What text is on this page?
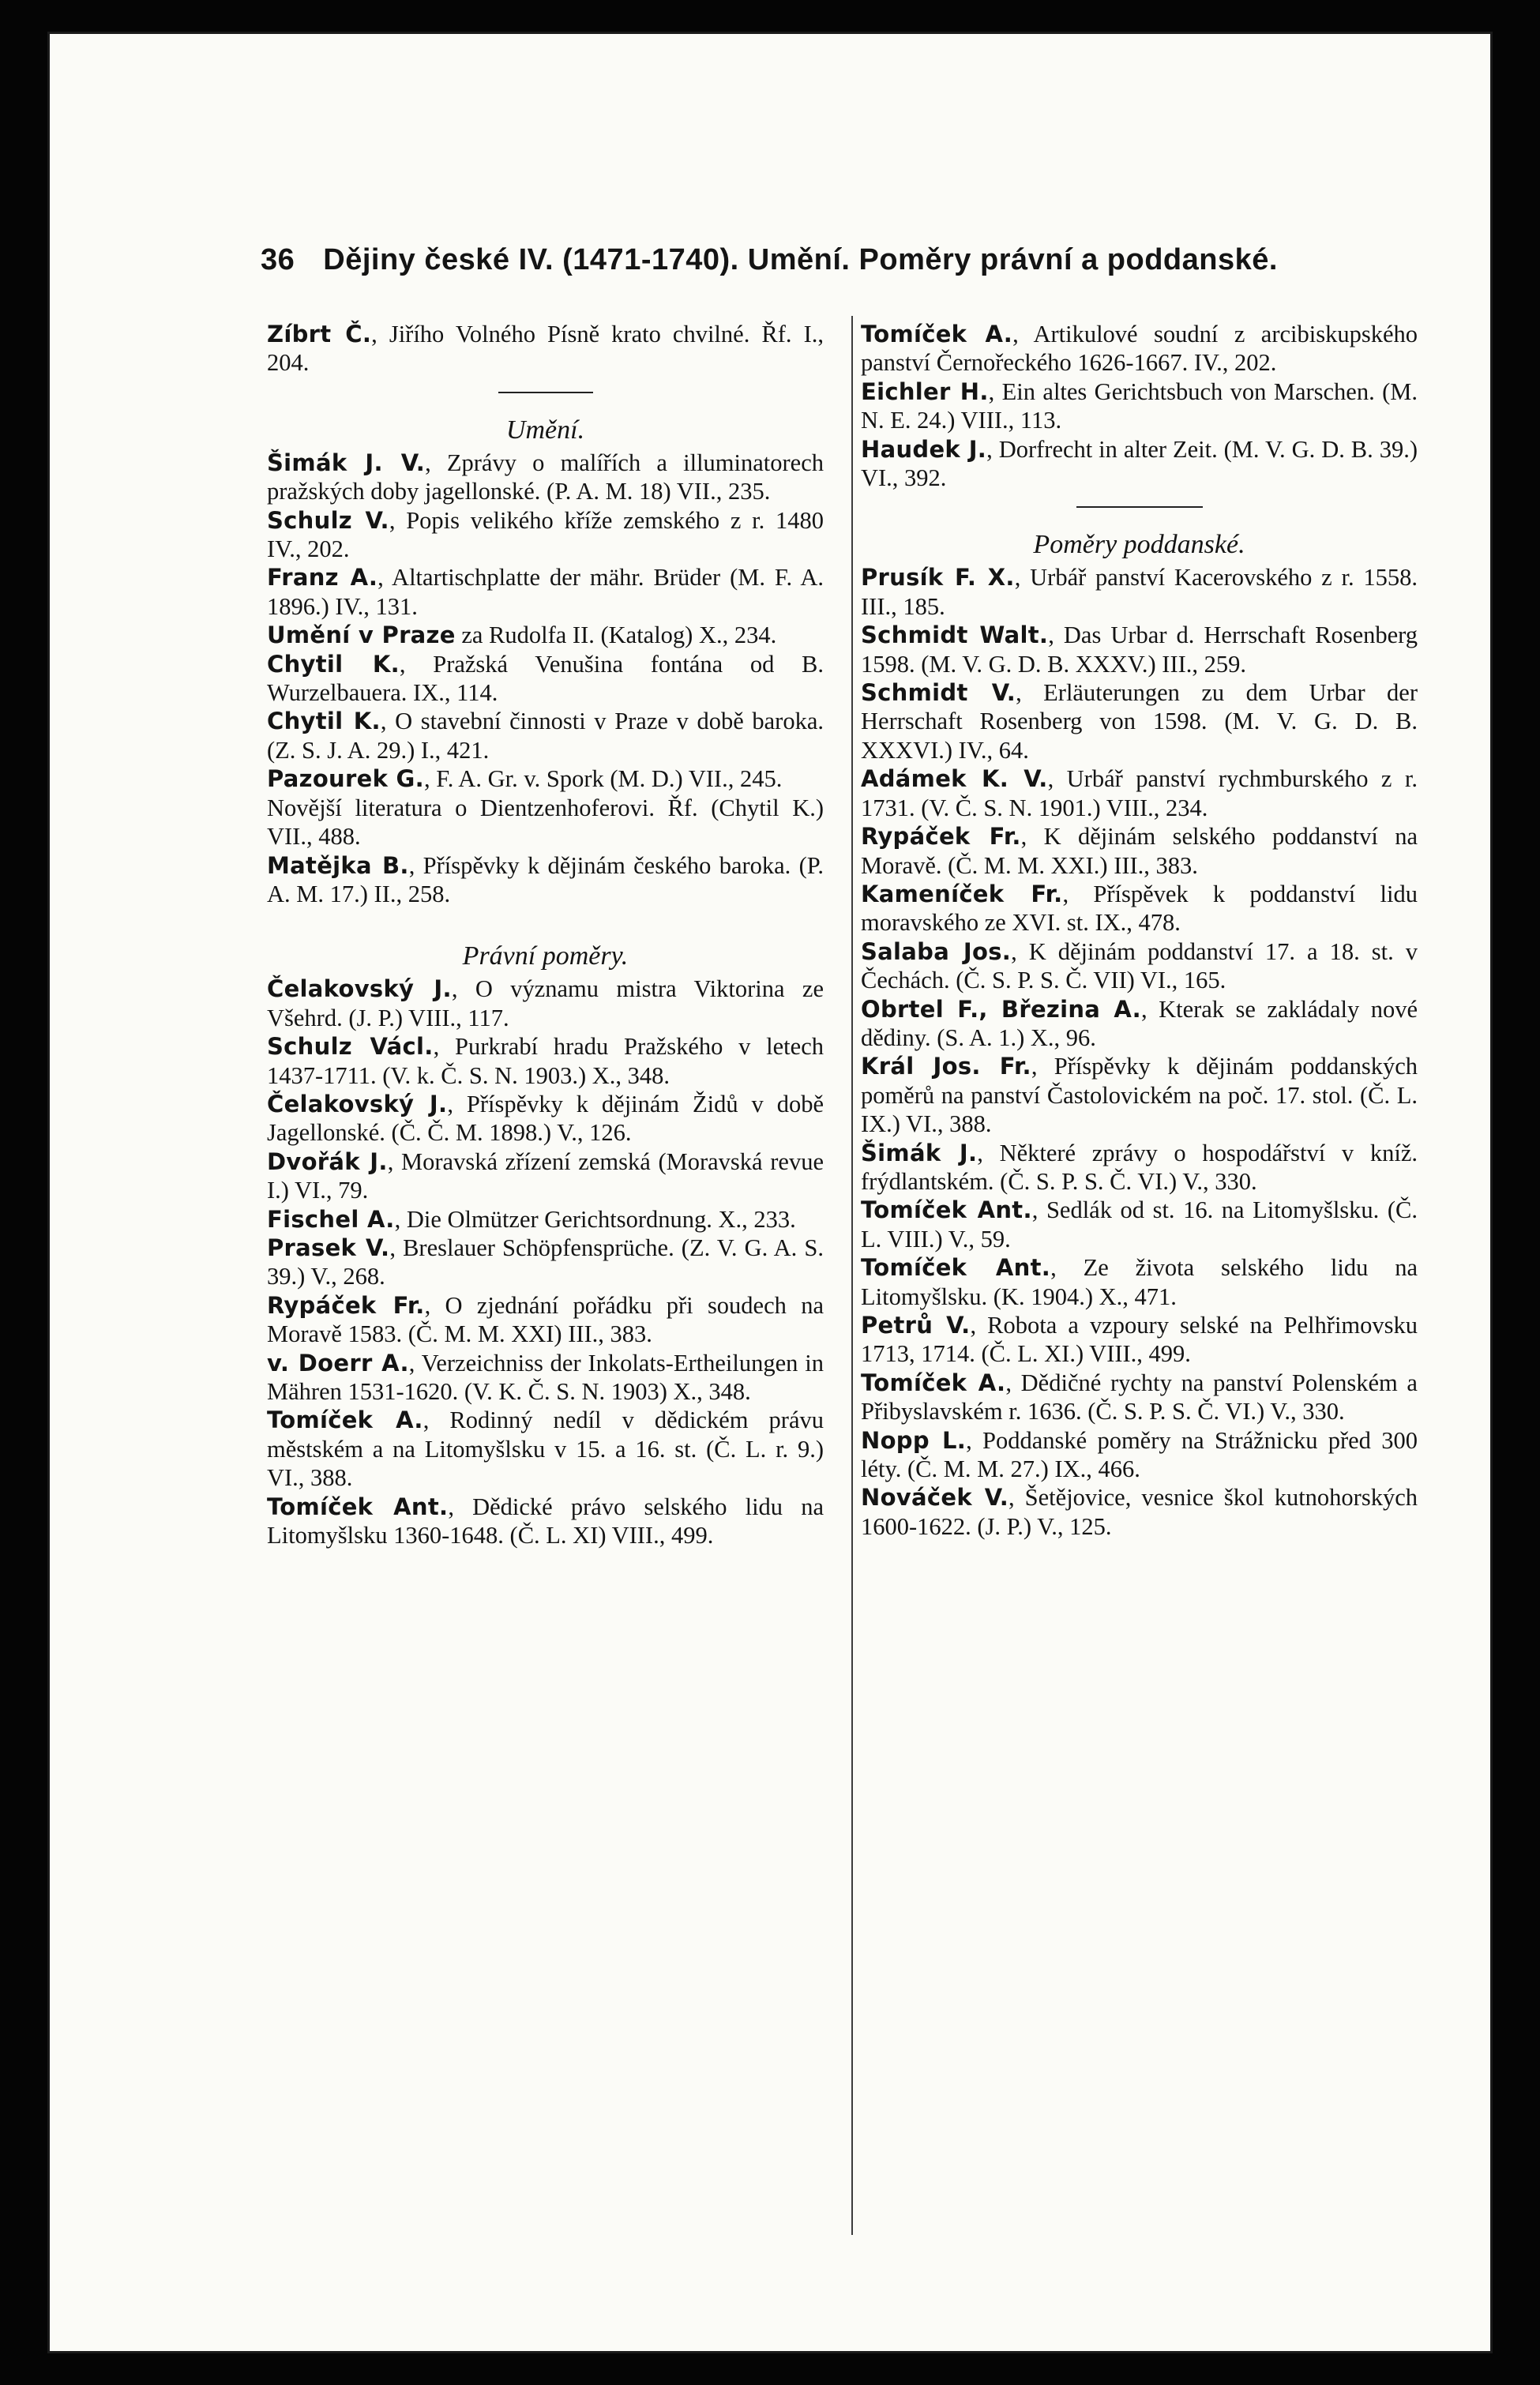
36 Dějiny české IV. (1471-1740). Umění. Poměry právní a poddanské.

Zíbrt Č., Jiřího Volného Písně krato chvilné. Řf. I., 204.

Umění.

Šimák J. V., Zprávy o malířích a illuminatorech pražských doby jagellonské. (P. A. M. 18) VII., 235.

Schulz V., Popis velikého kříže zemského z r. 1480 IV., 202.

Franz A., Altartischplatte der mähr. Brüder (M. F. A. 1896.) IV., 131.

Umění v Praze za Rudolfa II. (Katalog) X., 234.

Chytil K., Pražská Venušina fontána od B. Wurzelbauera. IX., 114.

Chytil K., O stavební činnosti v Praze v době baroka. (Z. S. J. A. 29.) I., 421.

Pazourek G., F. A. Gr. v. Spork (M. D.) VII., 245.

Novější literatura o Dientzenhoferovi. Řf. (Chytil K.) VII., 488.

Matějka B., Příspěvky k dějinám českého baroka. (P. A. M. 17.) II., 258.

Právní poměry.

Čelakovský J., O významu mistra Viktorina ze Všehrd. (J. P.) VIII., 117.

Schulz Václ., Purkrabí hradu Pražského v letech 1437-1711. (V. k. Č. S. N. 1903.) X., 348.

Čelakovský J., Příspěvky k dějinám Židů v době Jagellonské. (Č. Č. M. 1898.) V., 126.

Dvořák J., Moravská zřízení zemská (Moravská revue I.) VI., 79.

Fischel A., Die Olmützer Gerichtsordnung. X., 233.

Prasek V., Breslauer Schöpfensprüche. (Z. V. G. A. S. 39.) V., 268.

Rypáček Fr., O zjednání pořádku při soudech na Moravě 1583. (Č. M. M. XXI) III., 383.

v. Doerr A., Verzeichniss der Inkolats-Ertheilungen in Mähren 1531-1620. (V. K. Č. S. N. 1903) X., 348.

Tomíček A., Rodinný nedíl v dědickém právu městském a na Litomyšlsku v 15. a 16. st. (Č. L. r. 9.) VI., 388.

Tomíček Ant., Dědické právo selského lidu na Litomyšlsku 1360-1648. (Č. L. XI) VIII., 499.

Tomíček A., Artikulové soudní z arcibiskupského panství Černořeckého 1626-1667. IV., 202.

Eichler H., Ein altes Gerichtsbuch von Marschen. (M. N. E. 24.) VIII., 113.

Haudek J., Dorfrecht in alter Zeit. (M. V. G. D. B. 39.) VI., 392.

Poměry poddanské.

Prusík F. X., Urbář panství Kacerovského z r. 1558. III., 185.

Schmidt Walt., Das Urbar d. Herrschaft Rosenberg 1598. (M. V. G. D. B. XXXV.) III., 259.

Schmidt V., Erläuterungen zu dem Urbar der Herrschaft Rosenberg von 1598. (M. V. G. D. B. XXXVI.) IV., 64.

Adámek K. V., Urbář panství rychmburského z r. 1731. (V. Č. S. N. 1901.) VIII., 234.

Rypáček Fr., K dějinám selského poddanství na Moravě. (Č. M. M. XXI.) III., 383.

Kameníček Fr., Příspěvek k poddanství lidu moravského ze XVI. st. IX., 478.

Salaba Jos., K dějinám poddanství 17. a 18. st. v Čechách. (Č. S. P. S. Č. VII) VI., 165.

Obrtel F., Březina A., Kterak se zakládaly nové dědiny. (S. A. 1.) X., 96.

Král Jos. Fr., Příspěvky k dějinám poddanských poměrů na panství Častolovickém na poč. 17. stol. (Č. L. IX.) VI., 388.

Šimák J., Některé zprávy o hospodářství v kníž. frýdlantském. (Č. S. P. S. Č. VI.) V., 330.

Tomíček Ant., Sedlák od st. 16. na Litomyšlsku. (Č. L. VIII.) V., 59.

Tomíček Ant., Ze života selského lidu na Litomyšlsku. (K. 1904.) X., 471.

Petrů V., Robota a vzpoury selské na Pelhřimovsku 1713, 1714. (Č. L. XI.) VIII., 499.

Tomíček A., Dědičné rychty na panství Polenském a Přibyslavském r. 1636. (Č. S. P. S. Č. VI.) V., 330.

Nopp L., Poddanské poměry na Strážnicku před 300 léty. (Č. M. M. 27.) IX., 466.

Nováček V., Šetějovice, vesnice škol kutnohorských 1600-1622. (J. P.) V., 125.
